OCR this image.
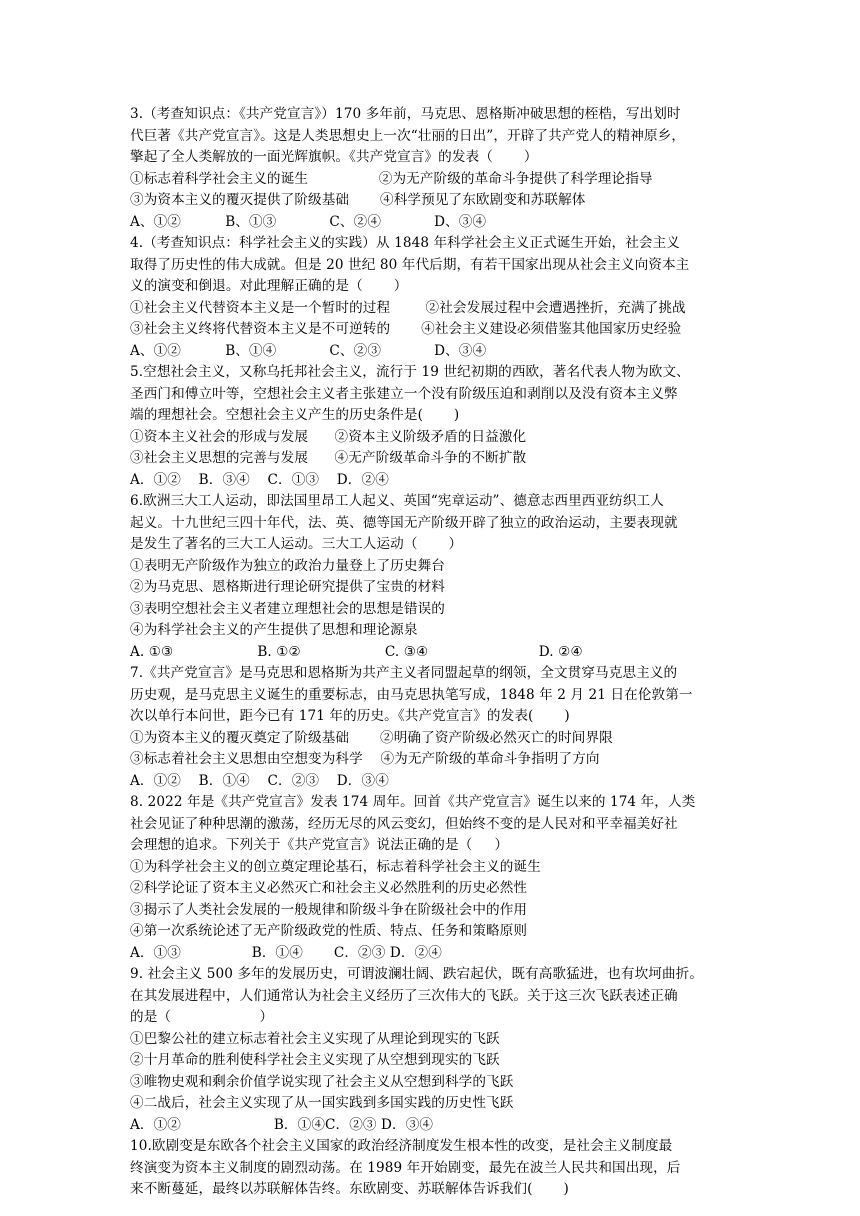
3.（考查知识点：《共产党宣言》）170 多年前，马克思、恩格斯冲破思想的桎梏，写出划时
代巨著《共产党宣言》。这是人类思想史上一次“壮丽的日出”，开辟了共产党人的精神原乡，
擎起了全人类解放的一面光辉旗帜。《共产党宣言》的发表（       ）
①标志着科学社会主义的诞生                ②为无产阶级的革命斗争提供了科学理论指导
③为资本主义的覆灭提供了阶级基础       ④科学预见了东欧剧变和苏联解体
A、①②          B、①③            C、②④            D、③④
4.（考查知识点：科学社会主义的实践）从 1848 年科学社会主义正式诞生开始，社会主义
取得了历史性的伟大成就。但是 20 世纪 80 年代后期，有若干国家出现从社会主义向资本主
义的演变和倒退。对此理解正确的是（       ）
①社会主义代替资本主义是一个暂时的过程        ②社会发展过程中会遭遇挫折，充满了挑战
③社会主义终将代替资本主义是不可逆转的       ④社会主义建设必须借鉴其他国家历史经验
A、①②          B、①④            C、②③            D、③④
5.空想社会主义，又称乌托邦社会主义，流行于 19 世纪初期的西欧，著名代表人物为欧文、
圣西门和傅立叶等，空想社会主义者主张建立一个没有阶级压迫和剥削以及没有资本主义弊
端的理想社会。空想社会主义产生的历史条件是(       )
①资本主义社会的形成与发展      ②资本主义阶级矛盾的日益激化
③社会主义思想的完善与发展      ④无产阶级革命斗争的不断扩散
A．①②    B．③④    C．①③    D．②④
6.欧洲三大工人运动，即法国里昂工人起义、英国“宪章运动”、德意志西里西亚纺织工人
起义。十九世纪三四十年代，法、英、德等国无产阶级开辟了独立的政治运动，主要表现就
是发生了著名的三大工人运动。三大工人运动（       ）
①表明无产阶级作为独立的政治力量登上了历史舞台
②为马克思、恩格斯进行理论研究提供了宝贵的材料
③表明空想社会主义者建立理想社会的思想是错误的
④为科学社会主义的产生提供了思想和理论源泉
A. ①③                   B. ①②                   C. ③④                         D. ②④
7.《共产党宣言》是马克思和恩格斯为共产主义者同盟起草的纲领，全文贯穿马克思主义的
历史观，是马克思主义诞生的重要标志，由马克思执笔写成，1848 年 2 月 21 日在伦敦第一
次以单行本问世，距今已有 171 年的历史。《共产党宣言》的发表(       )
①为资本主义的覆灭奠定了阶级基础       ②明确了资产阶级必然灭亡的时间界限
③标志着社会主义思想由空想变为科学    ④为无产阶级的革命斗争指明了方向
A．①②    B．①④    C．②③    D．③④
8. 2022 年是《共产党宣言》发表 174 周年。回首《共产党宣言》诞生以来的 174 年，人类
社会见证了种种思潮的激荡，经历无尽的风云变幻，但始终不变的是人民对和平幸福美好社
会理想的追求。下列关于《共产党宣言》说法正确的是（     ）
①为科学社会主义的创立奠定理论基石，标志着科学社会主义的诞生
②科学论证了资本主义必然灭亡和社会主义必然胜利的历史必然性
③揭示了人类社会发展的一般规律和阶级斗争在阶级社会中的作用
④第一次系统论述了无产阶级政党的性质、特点、任务和策略原则
A．①③                B．①④       C．②③ D．②④
9. 社会主义 500 多年的发展历史，可谓波澜壮阔、跌宕起伏，既有高歌猛进，也有坎坷曲折。
在其发展进程中，人们通常认为社会主义经历了三次伟大的飞跃。关于这三次飞跃表述正确
的是（                    ）
①巴黎公社的建立标志着社会主义实现了从理论到现实的飞跃
②十月革命的胜利使科学社会主义实现了从空想到现实的飞跃
③唯物史观和剩余价值学说实现了社会主义从空想到科学的飞跃
④二战后，社会主义实现了从一国实践到多国实践的历史性飞跃
A．①②                     B．①④C．②③ D．③④
10.欧剧变是东欧各个社会主义国家的政治经济制度发生根本性的改变，是社会主义制度最
终演变为资本主义制度的剧烈动荡。在 1989 年开始剧变，最先在波兰人民共和国出现，后
来不断蔓延，最终以苏联解体告终。东欧剧变、苏联解体告诉我们(       )
